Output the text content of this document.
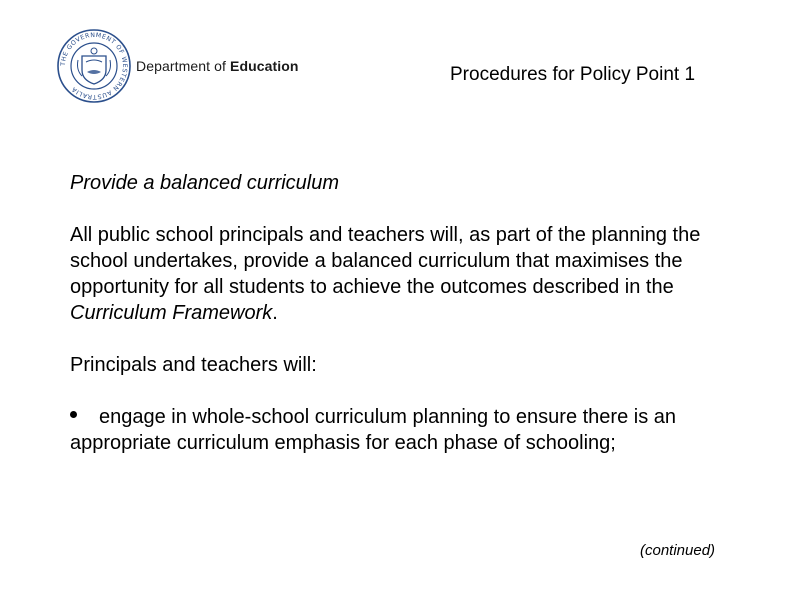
THE GOVERNMENT OF WESTERN AUSTRALIA
Department of Education	Procedures for Policy Point 1

Provide a balanced curriculum

All public school principals and teachers will, as part of the planning the school undertakes, provide a balanced curriculum that maximises the opportunity for all students to achieve the outcomes described in the Curriculum Framework.

Principals and teachers will:

engage in whole-school curriculum planning to ensure there is an appropriate curriculum emphasis for each phase of schooling;

(continued)
